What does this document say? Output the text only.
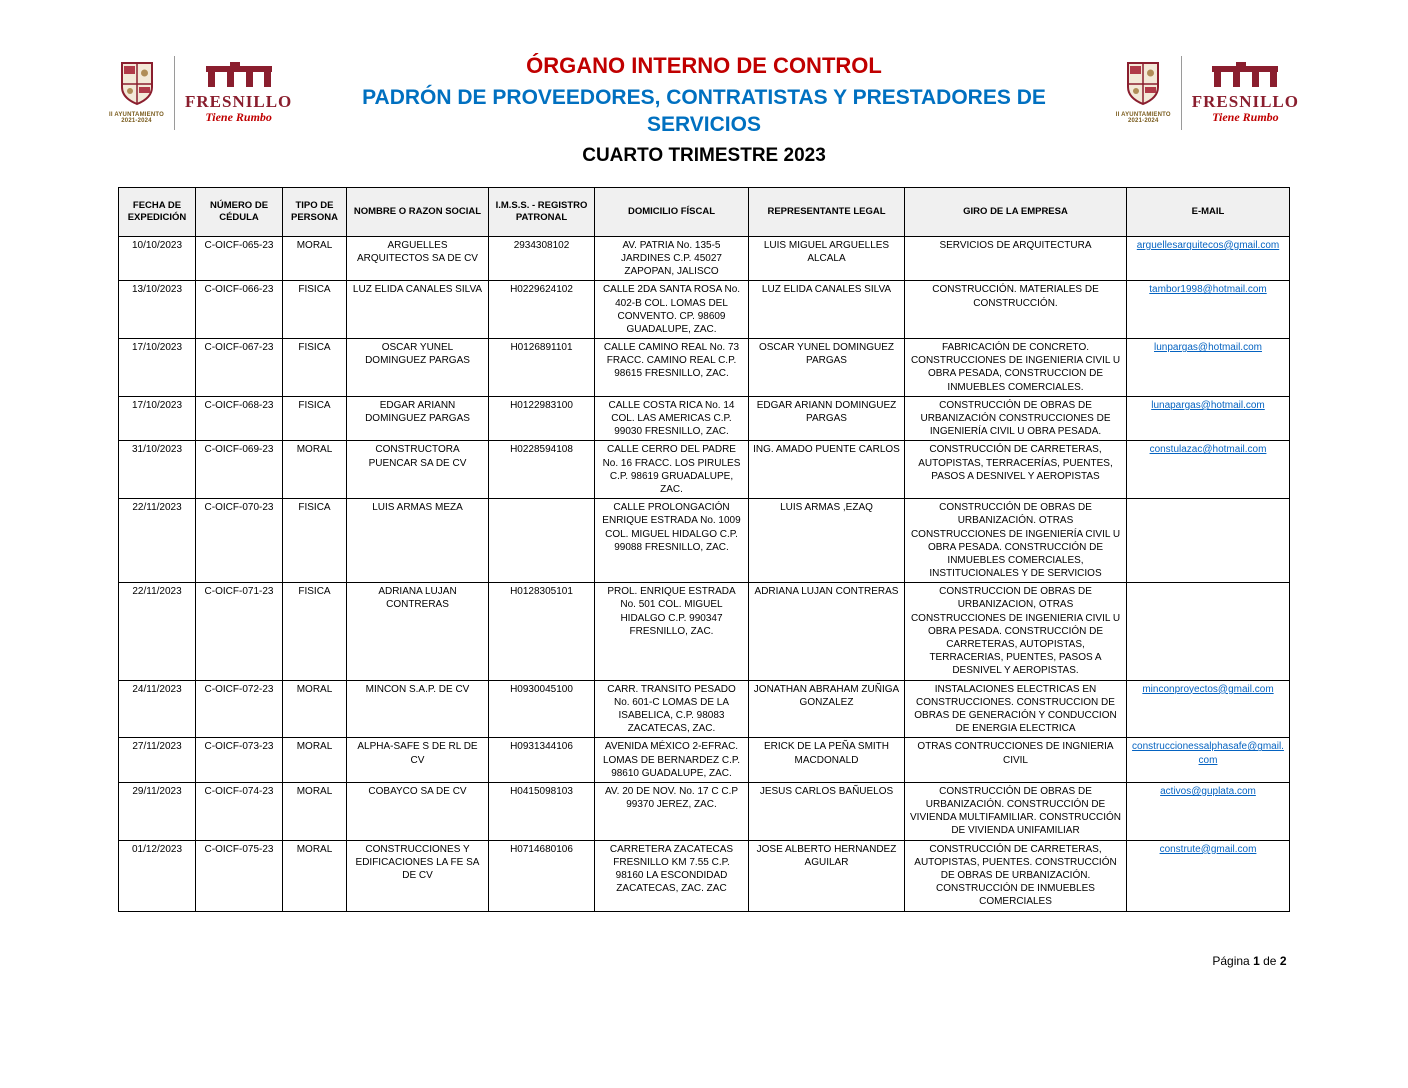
II AYUNTAMIENTO
2021-2024
FRESNILLO
Tiene Rumbo
ÓRGANO INTERNO DE CONTROL
PADRÓN DE PROVEEDORES, CONTRATISTAS Y PRESTADORES DE SERVICIOS
CUARTO TRIMESTRE 2023
II AYUNTAMIENTO
2021-2024
FRESNILLO
Tiene Rumbo
FECHA DE EXPEDICIÓN	NÚMERO DE CÉDULA	TIPO DE PERSONA	NOMBRE O RAZON SOCIAL	I.M.S.S. - REGISTRO PATRONAL	DOMICILIO FÍSCAL	REPRESENTANTE LEGAL	GIRO DE LA EMPRESA	E-MAIL
10/10/2023	C-OICF-065-23	MORAL	ARGUELLES ARQUITECTOS SA DE CV	2934308102	AV. PATRIA No. 135-5 JARDINES C.P. 45027 ZAPOPAN, JALISCO	LUIS MIGUEL ARGUELLES ALCALA	SERVICIOS DE ARQUITECTURA	arguellesarquitecos@gmail.com
13/10/2023	C-OICF-066-23	FISICA	LUZ ELIDA CANALES SILVA	H0229624102	CALLE 2DA SANTA ROSA No. 402-B COL. LOMAS DEL CONVENTO. CP. 98609 GUADALUPE, ZAC.	LUZ ELIDA CANALES SILVA	CONSTRUCCIÓN. MATERIALES DE CONSTRUCCIÓN.	tambor1998@hotmail.com
17/10/2023	C-OICF-067-23	FISICA	OSCAR YUNEL DOMINGUEZ PARGAS	H0126891101	CALLE CAMINO REAL No. 73 FRACC. CAMINO REAL C.P. 98615 FRESNILLO, ZAC.	OSCAR YUNEL DOMINGUEZ PARGAS	FABRICACIÓN DE CONCRETO. CONSTRUCCIONES DE INGENIERIA CIVIL U OBRA PESADA, CONSTRUCCION DE INMUEBLES COMERCIALES.	lunpargas@hotmail.com
17/10/2023	C-OICF-068-23	FISICA	EDGAR ARIANN DOMINGUEZ PARGAS	H0122983100	CALLE COSTA RICA No. 14 COL. LAS AMERICAS C.P. 99030 FRESNILLO, ZAC.	EDGAR ARIANN DOMINGUEZ PARGAS	CONSTRUCCIÓN DE OBRAS DE URBANIZACIÓN CONSTRUCCIONES DE INGENIERÍA CIVIL U OBRA PESADA.	lunapargas@hotmail.com
31/10/2023	C-OICF-069-23	MORAL	CONSTRUCTORA PUENCAR SA DE CV	H0228594108	CALLE CERRO DEL PADRE No. 16 FRACC. LOS PIRULES C.P. 98619 GRUADALUPE, ZAC.	ING. AMADO PUENTE CARLOS	CONSTRUCCIÓN DE CARRETERAS, AUTOPISTAS, TERRACERÍAS, PUENTES, PASOS A DESNIVEL Y AEROPISTAS	constulazac@hotmail.com
22/11/2023	C-OICF-070-23	FISICA	LUIS ARMAS MEZA		CALLE PROLONGACIÓN ENRIQUE ESTRADA No. 1009 COL. MIGUEL HIDALGO C.P. 99088 FRESNILLO, ZAC.	LUIS ARMAS ,EZAQ	CONSTRUCCIÓN DE OBRAS DE URBANIZACIÓN. OTRAS CONSTRUCCIONES DE INGENIERÍA CIVIL U OBRA PESADA. CONSTRUCCIÓN DE INMUEBLES COMERCIALES, INSTITUCIONALES Y DE SERVICIOS	
22/11/2023	C-OICF-071-23	FISICA	ADRIANA LUJAN CONTRERAS	H0128305101	PROL. ENRIQUE ESTRADA No. 501 COL. MIGUEL HIDALGO C.P. 990347 FRESNILLO, ZAC.	ADRIANA LUJAN CONTRERAS	CONSTRUCCION DE OBRAS DE URBANIZACION, OTRAS CONSTRUCCIONES DE INGENIERIA CIVIL U OBRA PESADA. CONSTRUCCIÓN DE CARRETERAS, AUTOPISTAS, TERRACERIAS, PUENTES, PASOS A DESNIVEL Y AEROPISTAS.	
24/11/2023	C-OICF-072-23	MORAL	MINCON S.A.P. DE CV	H0930045100	CARR. TRANSITO PESADO No. 601-C LOMAS DE LA ISABELICA, C.P. 98083 ZACATECAS, ZAC.	JONATHAN ABRAHAM ZUÑIGA GONZALEZ	INSTALACIONES ELECTRICAS EN CONSTRUCCIONES. CONSTRUCCION DE OBRAS DE GENERACIÓN Y CONDUCCION DE ENERGIA ELECTRICA	minconproyectos@gmail.com
27/11/2023	C-OICF-073-23	MORAL	ALPHA-SAFE S DE RL DE CV	H0931344106	AVENIDA MÉXICO 2-EFRAC. LOMAS DE BERNARDEZ C.P. 98610 GUADALUPE, ZAC.	ERICK DE LA PEÑA SMITH MACDONALD	OTRAS CONTRUCCIONES DE INGNIERIA CIVIL	construccionessalphasafe@gmail.com
29/11/2023	C-OICF-074-23	MORAL	COBAYCO SA DE CV	H0415098103	AV. 20 DE NOV. No. 17 C C.P 99370 JEREZ, ZAC.	JESUS CARLOS BAÑUELOS	CONSTRUCCIÓN DE OBRAS DE URBANIZACIÓN. CONSTRUCCIÓN DE VIVIENDA MULTIFAMILIAR. CONSTRUCCIÓN DE VIVIENDA UNIFAMILIAR	activos@guplata.com
01/12/2023	C-OICF-075-23	MORAL	CONSTRUCCIONES Y EDIFICACIONES LA FE SA DE CV	H0714680106	CARRETERA ZACATECAS FRESNILLO KM 7.55 C.P. 98160 LA ESCONDIDAD ZACATECAS, ZAC. ZAC	JOSE ALBERTO HERNANDEZ AGUILAR	CONSTRUCCIÓN DE CARRETERAS, AUTOPISTAS, PUENTES. CONSTRUCCIÓN DE OBRAS DE URBANIZACIÓN. CONSTRUCCIÓN DE INMUEBLES COMERCIALES	construte@gmail.com
Página 1 de 2
